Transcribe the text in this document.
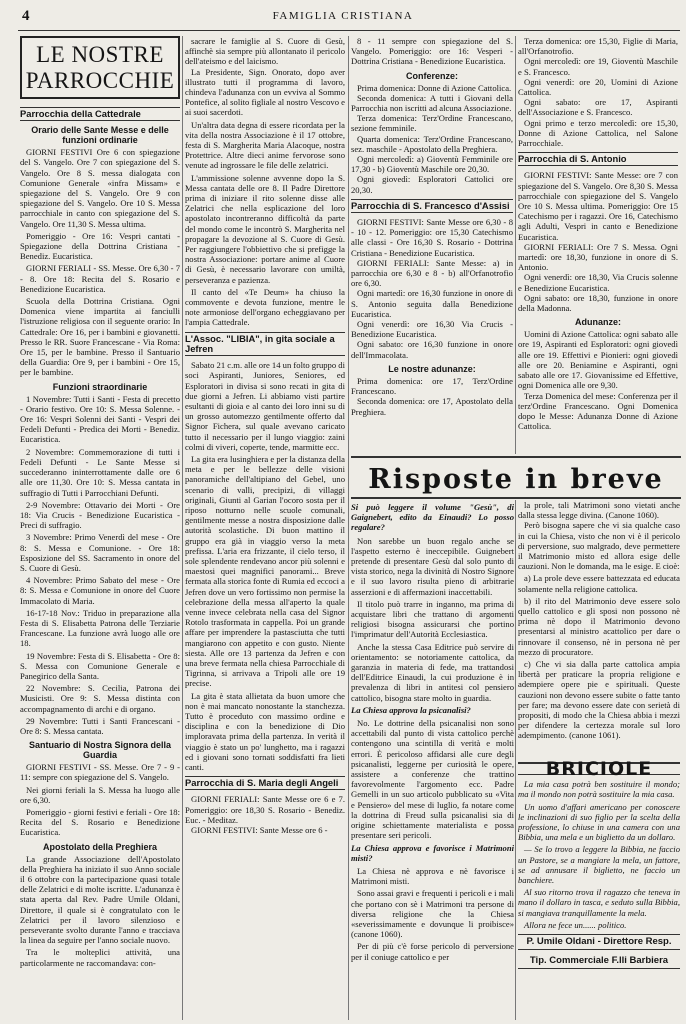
4	FAMIGLIA CRISTIANA
LE NOSTRE PARROCCHIE
Parrocchia della Cattedrale
Orario delle Sante Messe e delle funzioni ordinarie

GIORNI FESTIVI Ore 6 con spiegazione del S. Vangelo. Ore 7 con spiegazione del S. Vangelo. Ore 8 S. messa dialogata con Comunione Generale «infra Missam» e spiegazione del S. Vangelo. Ore 9 con spiegazione del S. Vangelo. Ore 10 S. Messa parrocchiale in canto con spiegazione del S. Vangelo. Ore 11,30 S. Messa ultima.

Pomeriggio - Ore 16: Vespri cantati - Spiegazione della Dottrina Cristiana - Benediz. Eucaristica.

GIORNI FERIALI - SS. Messe. Ore 6,30 - 7 - 8. Ore 18: Recita del S. Rosario e Benedizione Eucaristica.

Scuola della Dottrina Cristiana. Ogni Domenica viene impartita ai fanciulli l'istruzione religiosa con il seguente orario: In Cattedrale: Ore 16, per i bambini e giovanetti. Presso le RR. Suore Francescane - Via Roma: Ore 15, per le bambine. Presso il Santuario della Guardia: Ore 9, per i bambini - Ore 15, per le bambine.

Funzioni straordinarie

1 Novembre: Tutti i Santi - Festa di precetto - Orario festivo. Ore 10: S. Messa Solenne. - Ore 16: Vespri Solenni dei Santi - Vespri dei Fedeli Defunti - Predica dei Morti - Benediz. Eucaristica.

2 Novembre: Commemorazione di tutti i Fedeli Defunti - Le Sante Messe si succederanno ininterrottamente dalle ore 6 alle ore 11,30. Ore 10: S. Messa cantata in suffragio di Tutti i Parrocchiani Defunti.

2-9 Novembre: Ottavario dei Morti - Ore 18: Via Crucis - Benedizione Eucaristica - Preci di suffragio.

3 Novembre: Primo Venerdì del mese - Ore 8: S. Messa e Comunione. - Ore 18: Esposizione del SS. Sacramento in onore del S. Cuore di Gesù.

4 Novembre: Primo Sabato del mese - Ore 8: S. Messa e Comunione in onore del Cuore Immacolato di Maria.

16-17-18 Nov.: Triduo in preparazione alla Festa di S. Elisabetta Patrona delle Terziarie Francescane. La funzione avrà luogo alle ore 18.

19 Novembre: Festa di S. Elisabetta - Ore 8: S. Messa con Comunione Generale e Panegirico della Santa.

22 Novembre: S. Cecilia, Patrona dei Musicisti. Ore 9: S. Messa distinta con accompagnamento di archi e di organo.

29 Novembre: Tutti i Santi Francescani - Ore 8: S. Messa cantata.

Santuario di Nostra Signora della Guardia

GIORNI FESTIVI - SS. Messe. Ore 7 - 9 - 11: sempre con spiegazione del S. Vangelo.

Nei giorni feriali la S. Messa ha luogo alle ore 6,30.

Pomeriggio - giorni festivi e feriali - Ore 18: Recita del S. Rosario e Benedizione Eucaristica.

Apostolato della Preghiera

La grande Associazione dell'Apostolato della Preghiera ha iniziato il suo Anno sociale il 6 ottobre con la partecipazione quasi totale delle Zelatrici e di molte iscritte. L'adunanza è stata aperta dal Rev. Padre Umile Oldani, Direttore, il quale si è congratulato con le Zelatrici per il lavoro silenzioso e perseverante svolto durante l'anno e tracciava la linea da seguire per l'anno sociale nuovo.

Tra le molteplici attività, una particolarmente ne raccomandava: con-

sacrare le famiglie al S. Cuore di Gesù, affinchè sia sempre più allontanato il pericolo dell'ateismo e del laicismo.

La Presidente, Sign. Onorato, dopo aver illustrato tutti il programma di lavoro, chindeva l'adunanza con un evviva al Sommo Pontefice, al solito figliale al nostro Vescovo e ai suoi sacerdoti.

Un'altra data degna di essere ricordata per la vita della nostra Associazione è il 17 ottobre, festa di S. Margherita Maria Alacoque, nostra Protettrice. Altre dieci anime fervorose sono venute ad ingrossare le file delle zelatrici.

L'ammissione solenne avvenne dopo la S. Messa cantata delle ore 8. Il Padre Direttore prima di iniziare il rito solenne disse alle Zelatrici che nella esplicazione del loro apostolato incontreranno difficoltà da parte del mondo come le incontrò S. Margherita nel propagare la devozione al S. Cuore di Gesù. Per raggiungere l'obbiettivo che si prefigge la nostra Associazione: portare anime al Cuore di Gesù, è necessario lavorare con umiltà, perseveranza e pazienza.

Il canto del «Te Deum» ha chiuso la commovente e devota funzione, mentre le note armoniose dell'organo echeggiavano per l'ampia Cattedrale.

L'Assoc. "LIBIA", in gita sociale a Jefren

Sabato 21 c.m. alle ore 14 un folto gruppo di soci Aspiranti, Juniores, Seniores, ed Esploratori in divisa si sono recati in gita di due giorni a Jefren. Li abbiamo visti partire esultanti di gioia e al canto dei loro inni su di un grosso automezzo gentilmente offerto dal Signor Fichera, sul quale avevano caricato tutto il necessario per il lungo viaggio: zaini colmi di viveri, coperte, tende, marmitte ecc.

La gita era lusinghiera e per la distanza della meta e per le bellezze delle visioni panoramiche dell'altipiano del Gebel, uno scenario di valli, precipizi, di villaggi originali, Giunti al Garian l'ocoro sosta per il riposo notturno nelle scuole comunali, gentilmente messe a nostra disposizione dalle autorità scolastiche. Di buon mattino il gruppo era già in viaggio verso la meta prefissa. L'aria era frizzante, il cielo terso, il sole splendente rendevano ancor più solenni e maestosi quei magnifici panorami... Breve fermata alla storica fonte di Rumia ed eccoci a Jefren dove un vero fortissimo non permise la celebrazione della messa all'aperto la quale venne invece celebrata nella casa del Signor Rotolo trasformata in cappella. Poi un grande affare per imprendere la pastasciutta che tutti mangiarono con appetito e con gusto. Niente siesta. Alle ore 13 partenza da Jefren e con una breve fermata nella chiesa Parrocchiale di Tigrinna, si arrivava a Tripoli alle ore 19 precise.

La gita è stata allietata da buon umore che non è mai mancato nonostante la stanchezza. Tutto è proceduto con massimo ordine e disciplina e con la benedizione di Dio imploravata prima della partenza. In verità il viaggio è stato un po' lunghetto, ma i ragazzi ed i giovani sono tornati soddisfatti fra lieti canti.

Parrocchia di S. Maria degli Angeli

GIORNI FERIALI: Sante Messe ore 6 e 7. Pomeriggio: ore 18,30 S. Rosario - Benediz. Euc. - Meditaz.

GIORNI FESTIVI: Sante Messe ore 6 -

8 - 11 sempre con spiegazione del S. Vangelo. Pomeriggio: ore 16: Vesperi - Dottrina Cristiana - Benedizione Eucaristica.

Conferenze:

Prima domenica: Donne di Azione Cattolica.

Seconda domenica: A tutti i Giovani della Parrocchia non iscritti ad alcuna Associazione.

Terza domenica: Terz'Ordine Francescano, sezione femminile.

Quarta domenica: Terz'Ordine Francescano, sez. maschile - Apostolato della Preghiera.

Ogni mercoledì: a) Gioventù Femminile ore 17,30 - b) Gioventù Maschile ore 20,30.

Ogni giovedì: Esploratori Cattolici ore 20,30.

Parrocchia di S. Francesco d'Assisi

GIORNI FESTIVI: Sante Messe ore 6,30 - 8 - 10 - 12. Pomeriggio: ore 15,30 Catechismo alle classi - Ore 16,30 S. Rosario - Dottrina Cristiana - Benedizione Eucaristica.

GIORNI FERIALI: Sante Messe: a) in parrocchia ore 6,30 e 8 - b) all'Orfanotrofio ore 6,30.

Ogni martedì: ore 16,30 funzione in onore di S. Antonio seguita dalla Benedizione Eucaristica.

Ogni venerdì: ore 16,30 Via Crucis - Benedizione Eucaristica.

Ogni sabato: ore 16,30 funzione in onore dell'Immacolata.

Le nostre adunanze:

Prima domenica: ore 17, Terz'Ordine Francescano.

Seconda domenica: ore 17, Apostolato della Preghiera.

Terza domenica: ore 15,30, Figlie di Maria, all'Orfanotrofio.

Ogni mercoledì: ore 19, Gioventù Maschile e S. Francesco.

Ogni venerdì: ore 20, Uomini di Azione Cattolica.

Ogni sabato: ore 17, Aspiranti dell'Associazione e S. Francesco.

Ogni primo e terzo mercoledì: ore 15,30, Donne di Azione Cattolica, nel Salone Parrocchiale.

Parrocchia di S. Antonio

GIORNI FESTIVI: Sante Messe: ore 7 con spiegazione del S. Vangelo. Ore 8,30 S. Messa parrocchiale con spiegazione del S. Vangelo Ore 10 S. Messa ultima. Pomeriggio: Ore 15 Catechismo per i ragazzi. Ore 16, Catechismo agli Adulti, Vespri in canto e Benedizione Eucaristica.

GIORNI FERIALI: Ore 7 S. Messa. Ogni martedì: ore 18,30, funzione in onore di S. Antonio.

Ogni venerdì: ore 18,30, Via Crucis solenne e Benedizione Eucaristica.

Ogni sabato: ore 18,30, funzione in onore della Madonna.

Adunanze:

Uomini di Azione Cattolica: ogni sabato alle ore 19, Aspiranti ed Esploratori: ogni giovedì alle ore 19. Effettivi e Pionieri: ogni giovedì alle ore 20. Beniamine e Aspiranti, ogni sabato alle ore 17. Giovanissime ed Effettive, ogni Domenica alle ore 9,30.

Terza Domenica del mese: Conferenza per il terz'Ordine Francescano. Ogni Domenica dopo le Messe: Adunanza Donne di Azione Cattolica.

Risposte in breve

Si può leggere il volume "Gesù", di Gaignebert, edito da Einaudi? Lo posso regalare?

Non sarebbe un buon regalo anche se l'aspetto esterno è ineccepibile. Guignebert pretende di presentare Gesù dal solo punto di vista storico, nega la divinità di Nostro Signore e il suo lavoro risulta pieno di arbitrarie asserzioni e di affermazioni inaccettabili.

Il titolo può trarre in inganno, ma prima di acquistare libri che trattano di argomenti religiosi bisogna assicurarsi che portino l'imprimatur dell'Autorità Ecclesiastica.

Anche la stessa Casa Editrice può servire di orientamento: se notoriamente cattolica, da garanzia in materia di fede, ma trattandosi dell'Editrice Einaudi, la cui produzione è in prevalenza di libri in antitesi col pensiero cattolico, bisogna stare molto in guardia.

La Chiesa approva la psicanalisi?

No. Le dottrine della psicanalisi non sono accettabili dal punto di vista cattolico perchè contengono una scintilla di verità e molti errori. È pericoloso affidarsi alle cure degli psicanalisti, leggerne per curiosità le opere, assistere a conferenze che trattino favorevolmente l'argomento ecc. Padre Gemelli in un suo articolo pubblicato su «Vita e Pensiero» del mese di luglio, fa notare come la dottrina di Freud sulla psicanalisi sia di origine schiettamente materialista e possa presentare seri pericoli.

La Chiesa approva e favorisce i Matrimoni misti?

La Chiesa nè approva e nè favorisce i Matrimoni misti.

Sono assai gravi e frequenti i pericoli e i mali che portano con sè i Matrimoni tra persone di diversa religione che la Chiesa «severissimamente e dovunque li proibisce» (canone 1060).

Per di più c'è forse pericolo di perversione per il coniuge cattolico e per

la prole, tali Matrimoni sono vietati anche dalla stessa legge divina. (Canone 1060).

Però bisogna sapere che vi sia qualche caso in cui la Chiesa, visto che non vi è il pericolo di perversione, suo malgrado, deve permettere il Matrimonio misto ed allora esige delle cauzioni. Non le domanda, ma le esige. E cioè:

a) La prole deve essere battezzata ed educata solamente nella religione cattolica.

b) il rito del Matrimonio deve essere solo quello cattolico e gli sposi non possono nè prima nè dopo il Matrimonio devono presentarsi al ministro acattolico per dare o rinnovare il consenso, nè in persona nè per mezzo di procuratore.

c) Che vi sia dalla parte cattolica ampia libertà per praticare la propria religione e adempiere opere pie e spirituali. Queste cauzioni non devono essere subite o fatte tanto per fare; ma devono essere date con serietà di propositi, di modo che la Chiesa abbia i mezzi per difendere la certezza morale sul loro adempimento. (canone 1061).

BRICIOLE

La mia casa potrà ben sostituire il mondo; ma il mondo non potrà sostituire la mia casa.

Un uomo d'affari americano per conoscere le inclinazioni di suo figlio per la scelta della professione, lo chiuse in una camera con una Bibbia, una mela e un biglietto da un dollaro.

— Se lo trovo a leggere la Bibbia, ne faccio un Pastore, se a mangiare la mela, un fattore, se ad annusare il biglietto, ne faccio un banchiere.

Al suo ritorno trova il ragazzo che teneva in mano il dollaro in tasca, e seduto sulla Bibbia, si mangiava tranquillamente la mela.

Allora ne fece un...... politico.

P. Umile Oldani - Direttore Resp.
Tip. Commerciale F.lli Barbiera
